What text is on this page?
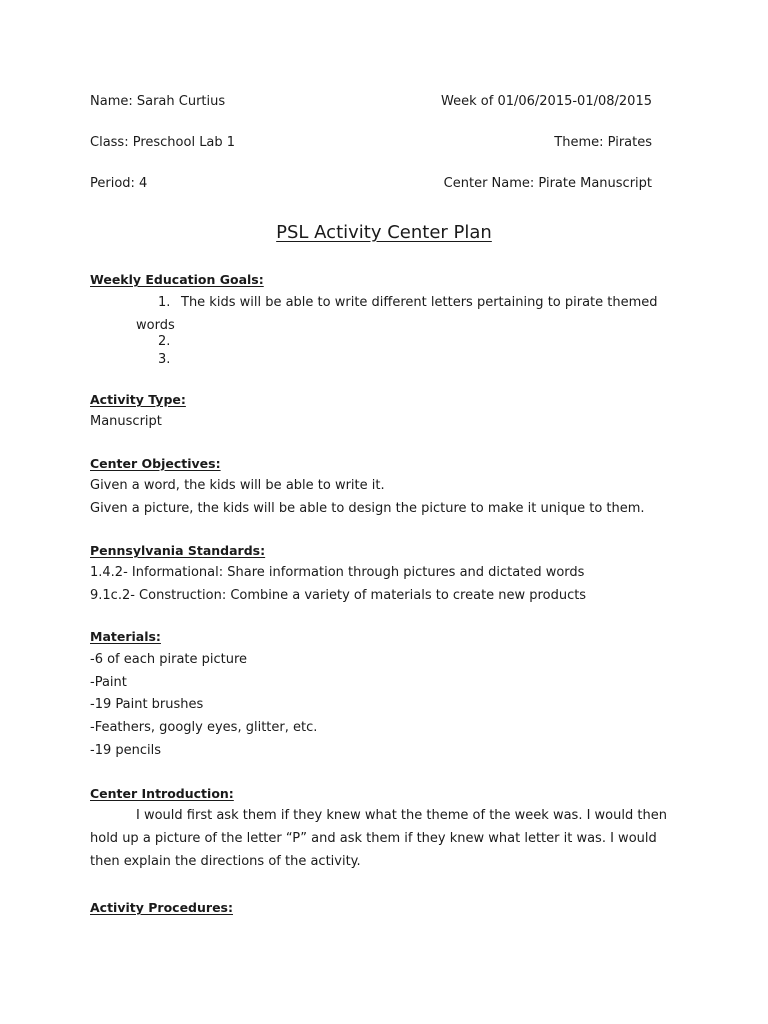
Name: Sarah Curtius	Week of 01/06/2015-01/08/2015
Class: Preschool Lab 1	Theme: Pirates
Period: 4	Center Name: Pirate Manuscript
PSL Activity Center Plan
Weekly Education Goals:
1. The kids will be able to write different letters pertaining to pirate themed
words
2.
3.
Activity Type:
Manuscript
Center Objectives:
Given a word, the kids will be able to write it.
Given a picture, the kids will be able to design the picture to make it unique to them.
Pennsylvania Standards:
1.4.2- Informational: Share information through pictures and dictated words
9.1c.2- Construction: Combine a variety of materials to create new products
Materials:
-6 of each pirate picture
-Paint
-19 Paint brushes
-Feathers, googly eyes, glitter, etc.
-19 pencils
Center Introduction:
I would first ask them if they knew what the theme of the week was. I would then
hold up a picture of the letter “P” and ask them if they knew what letter it was. I would
then explain the directions of the activity.
Activity Procedures:
